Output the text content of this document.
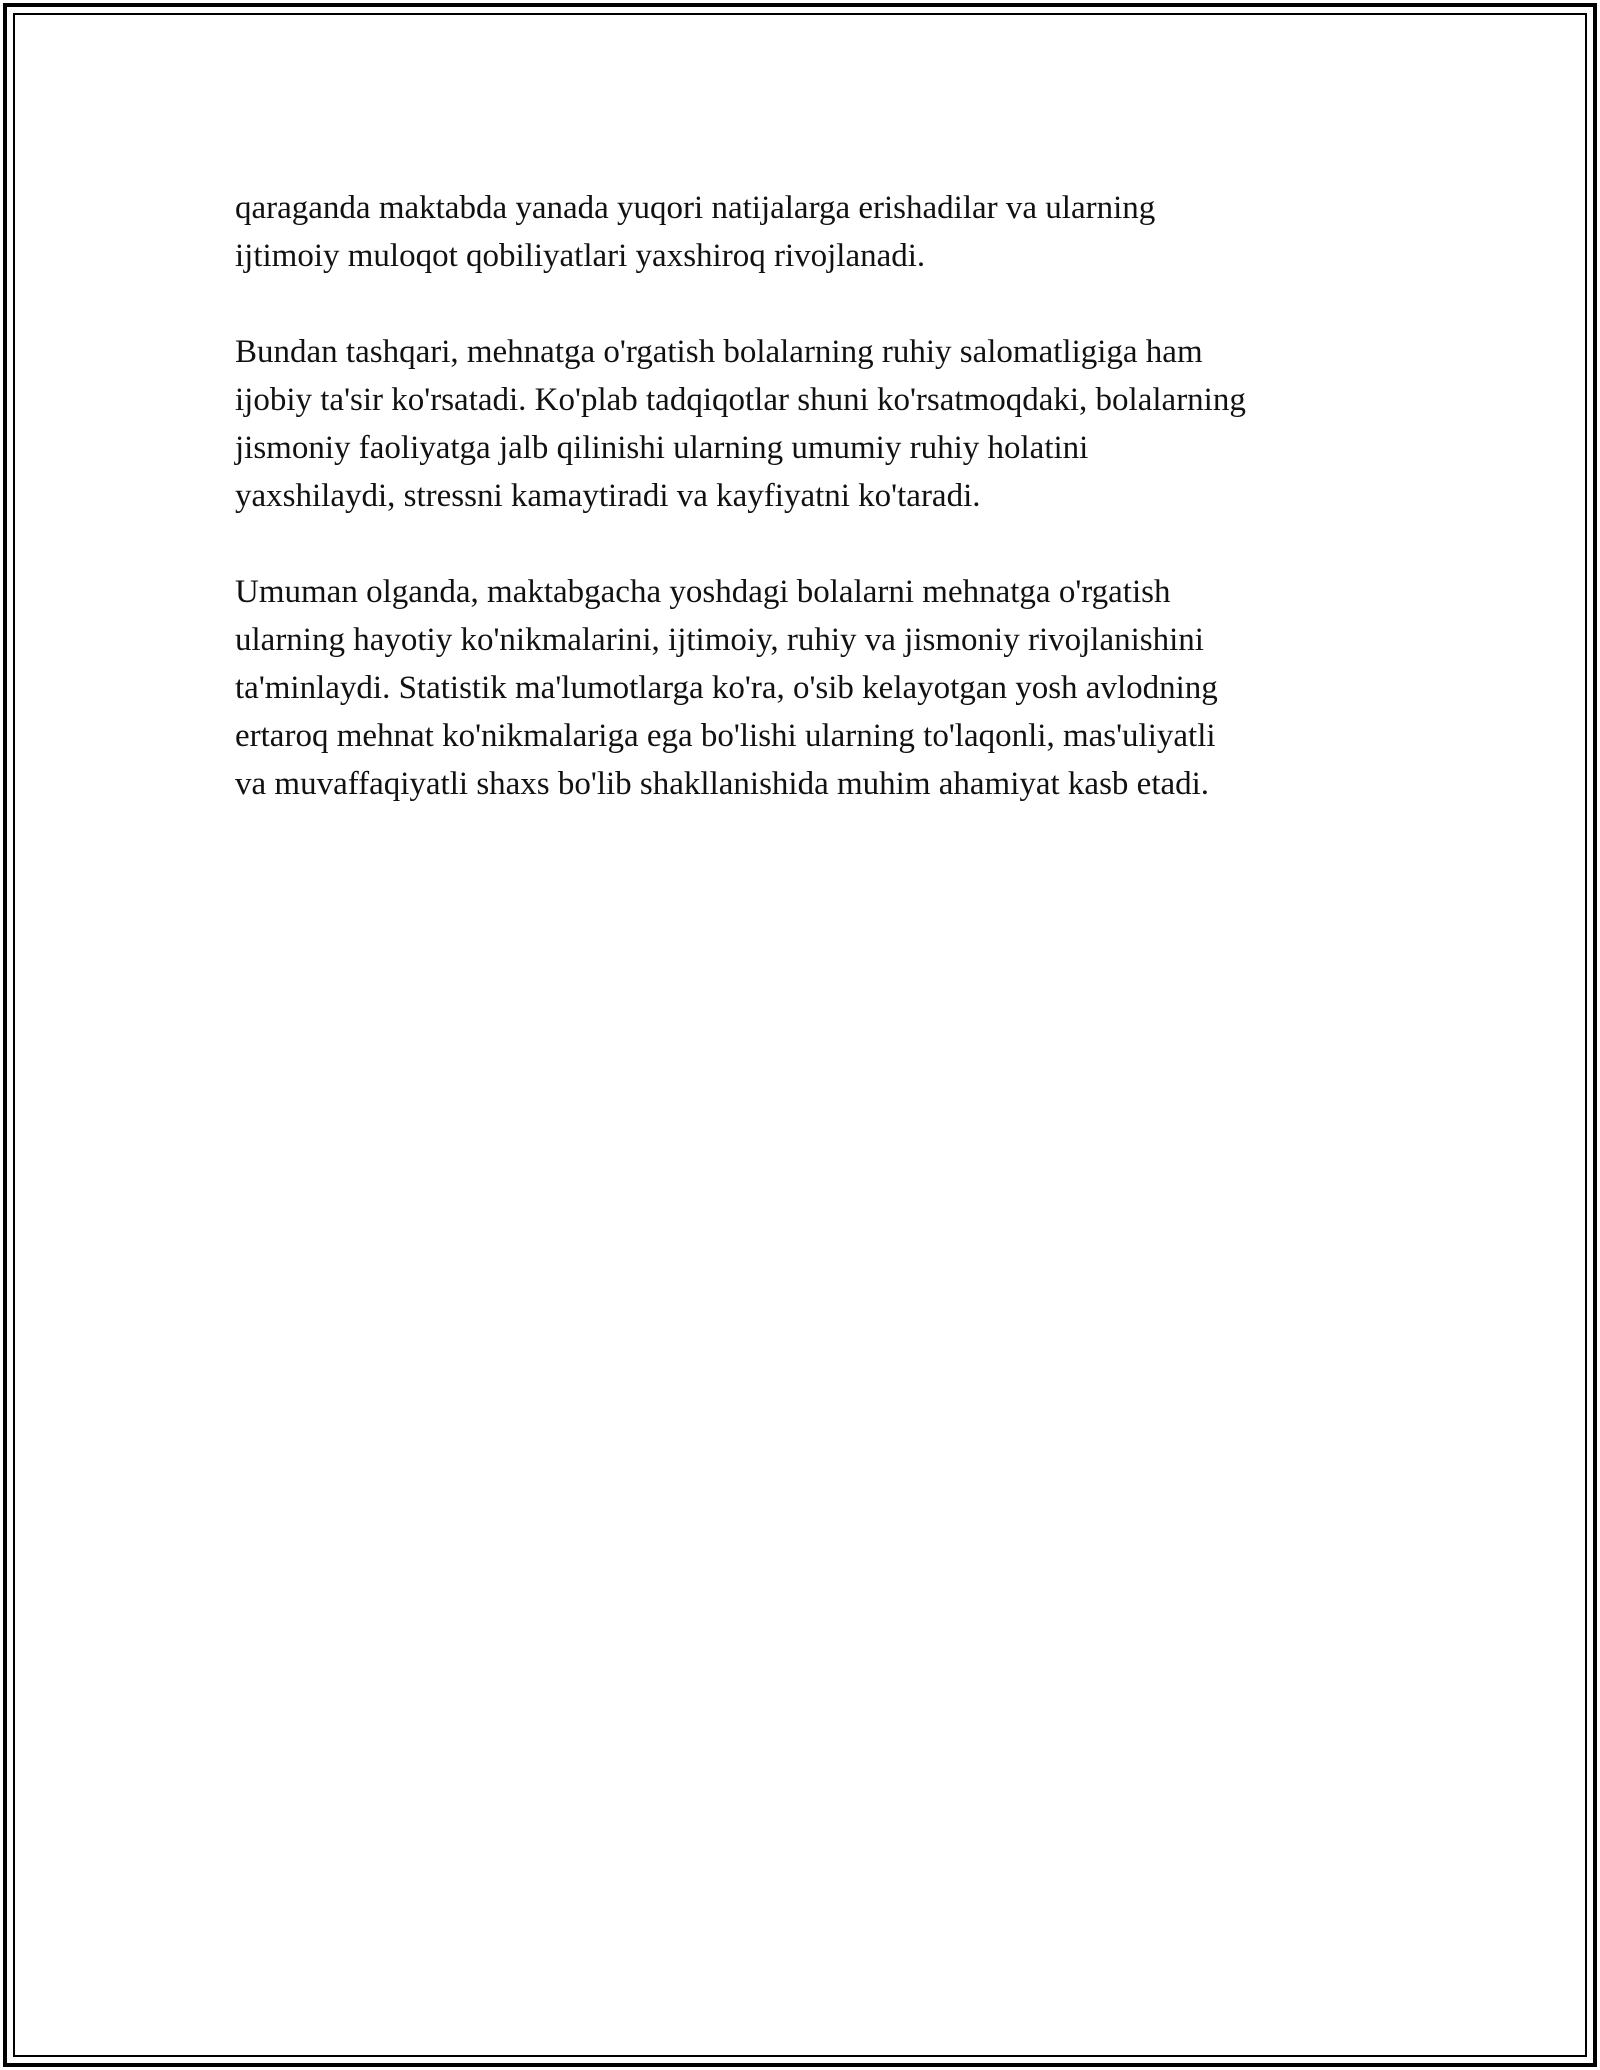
qaraganda maktabda yanada yuqori natijalarga erishadilar va ularning
ijtimoiy muloqot qobiliyatlari yaxshiroq rivojlanadi.

Bundan tashqari, mehnatga o'rgatish bolalarning ruhiy salomatligiga ham
ijobiy ta'sir ko'rsatadi. Ko'plab tadqiqotlar shuni ko'rsatmoqdaki, bolalarning
jismoniy faoliyatga jalb qilinishi ularning umumiy ruhiy holatini
yaxshilaydi, stressni kamaytiradi va kayfiyatni ko'taradi.

Umuman olganda, maktabgacha yoshdagi bolalarni mehnatga o'rgatish
ularning hayotiy ko'nikmalarini, ijtimoiy, ruhiy va jismoniy rivojlanishini
ta'minlaydi. Statistik ma'lumotlarga ko'ra, o'sib kelayotgan yosh avlodning
ertaroq mehnat ko'nikmalariga ega bo'lishi ularning to'laqonli, mas'uliyatli
va muvaffaqiyatli shaxs bo'lib shakllanishida muhim ahamiyat kasb etadi.
